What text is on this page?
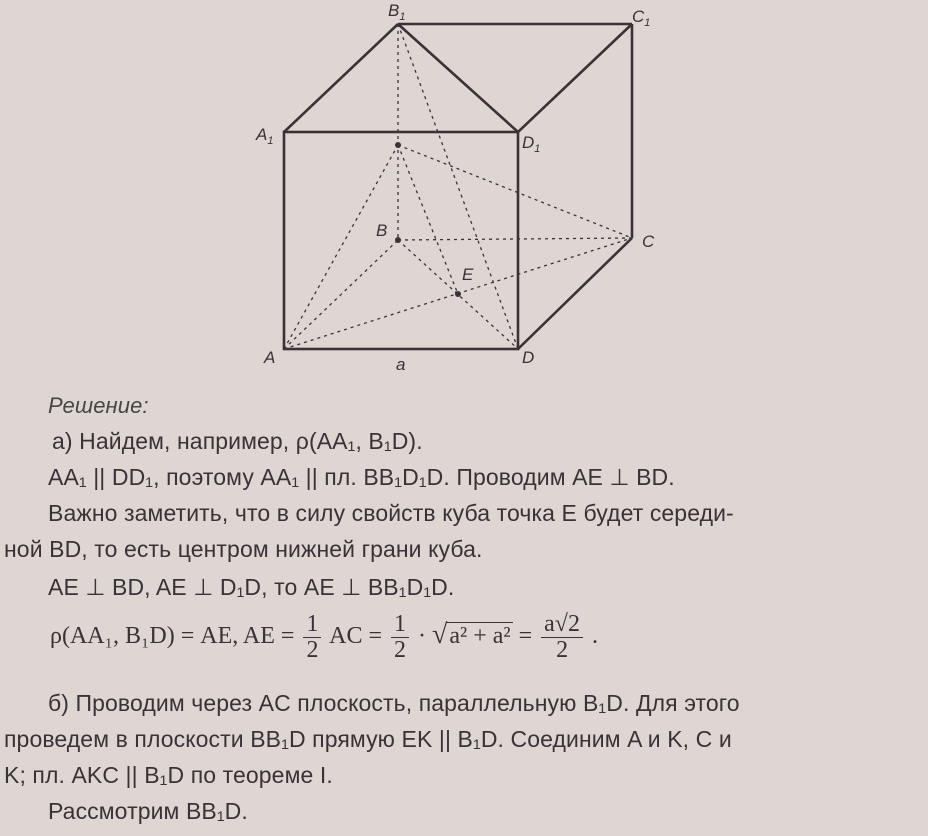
$A_1$
$B_1$	$C_1$
$D_1$
B
C
E
A	D
a
Решение:
а) Найдем, например, ρ(AA₁, B₁D).
AA₁ || DD₁, поэтому AA₁ || пл. BB₁D₁D. Проводим AE ⊥ BD.
Важно заметить, что в силу свойств куба точка E будет середи-
ной BD, то есть центром нижней грани куба.
AE ⊥ BD, AE ⊥ D₁D, то AE ⊥ BB₁D₁D.
ρ(AA₁, B₁D) = AE, AE = $\frac{1}{2}$ AC = $\frac{1}{2} \cdot √a^2 + a^2 = \frac{a√2}{2}$ .
б) Проводим через AC плоскость, параллельную B₁D. Для этого
проведем в плоскости BB₁D прямую EK || B₁D. Соединим A и K, C и
K; пл. AKC || B₁D по теореме I.
Рассмотрим BB₁D.
